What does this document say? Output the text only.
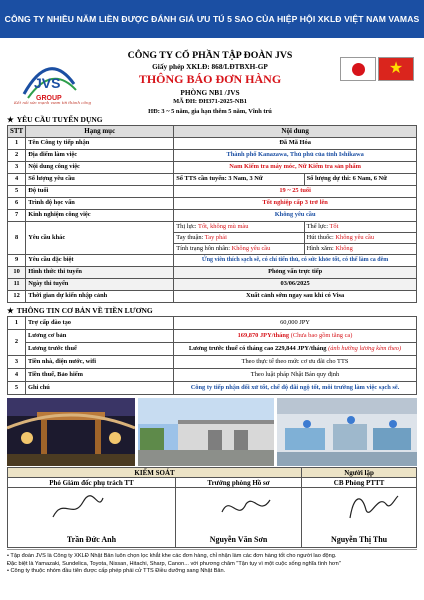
CÔNG TY NHIỀU NĂM LIỀN ĐƯỢC ĐÁNH GIÁ ƯU TÚ 5 SAO CỦA HIỆP HỘI XKLĐ VIỆT NAM VAMAS
JVS
GROUP
Kết nối sức mạnh vươn tới thành công
★
CÔNG TY CỔ PHẦN TẬP ĐOÀN JVS
Giấy phép XKLĐ: 868/LĐTBXH-GP
THÔNG BÁO ĐƠN HÀNG
PHÒNG NB1 /JVS
MÃ ĐH: ĐH371-2025-NB1
HĐ: 3 ~ 5 năm, gia hạn thêm 5 năm, Vĩnh trú
★ YÊU CẦU TUYỂN DỤNG
STT	Hạng mục	Nội dung	
1	Tên Công ty tiếp nhận	Đã Mã Hóa	
2	Địa điểm làm việc	Thành phố Kanazawa, Thủ phủ của tỉnh Ishikawa	
3	Nội dung công việc	Nam Kiểm tra máy móc, Nữ Kiểm tra sản phẩm	
4	Số lượng yêu cầu	Số TTS cần tuyển: 3 Nam, 3 Nữ	Số lượng dự thi: 6 Nam, 6 Nữ
5	Độ tuổi	19 ~ 25 tuổi	
6	Trình độ học vấn	Tốt nghiệp cấp 3 trở lên	
7	Kinh nghiệm công việc	Không yêu cầu	
8	Yêu cầu khác	Thị lực: Tốt, không mù màu	Thể lực: Tốt
		Tay thuận: Tay phải	Hút thuốc: Không yêu cầu
		Tính trạng hôn nhân: Không yêu cầu	Hình xăm: Không
9	Yêu cầu đặc biệt	Ứng viên thích sạch sẽ, có chí tiến thủ, có sức khỏe tốt, có thể làm ca đêm	
10	Hình thức thi tuyển	Phỏng vấn trực tiếp	
11	Ngày thi tuyển	03/06/2025	
12	Thời gian dự kiến nhập cảnh	Xuất cảnh sớm ngay sau khi có Visa	
★ THÔNG TIN CƠ BẢN VỀ TIỀN LƯƠNG
1	Trợ cấp đào tạo	60,000 JPY
2	Lương cơ bản	169,870 JPY/tháng (Chưa bao gồm tăng ca)
	Lương trước thuế	Lương trước thuế có tháng cao 229,844 JPY/tháng (ảnh hưởng lương kèm theo)
3	Tiền nhà, điện nước, wifi	Theo thực tế theo mức cơ ưu đãi cho TTS
4	Tiền thuế, Bảo hiểm	Theo luật pháp Nhật Bản quy định
5	Ghi chú	Công ty tiếp nhận đối xử tốt, chế độ đãi ngộ tốt, môi trường làm việc sạch sẽ.
KIỂM SOÁT		Người lập
Phó Giám đốc phụ trách TT	Trưởng phòng Hồ sơ	CB Phòng PTTT

Trần Đức Anh	Nguyễn Văn Sơn	Nguyễn Thị Thu
• Tập đoàn JVS là Công ty XKLĐ Nhật Bản luôn chọn lọc khắt khe các đơn hàng, chỉ nhận làm các đơn hàng tốt cho người lao động.
Đặc biệt là Yamazaki, Sundelica, Toyota, Nissan, Hitachi, Sharp, Canon... với phương châm "Tận tụy vì một cuộc sống nghĩa tình hơn"
• Công ty thuộc nhóm đầu tiên được cấp phép phái cử TTS Điều dưỡng sang Nhật Bản.
